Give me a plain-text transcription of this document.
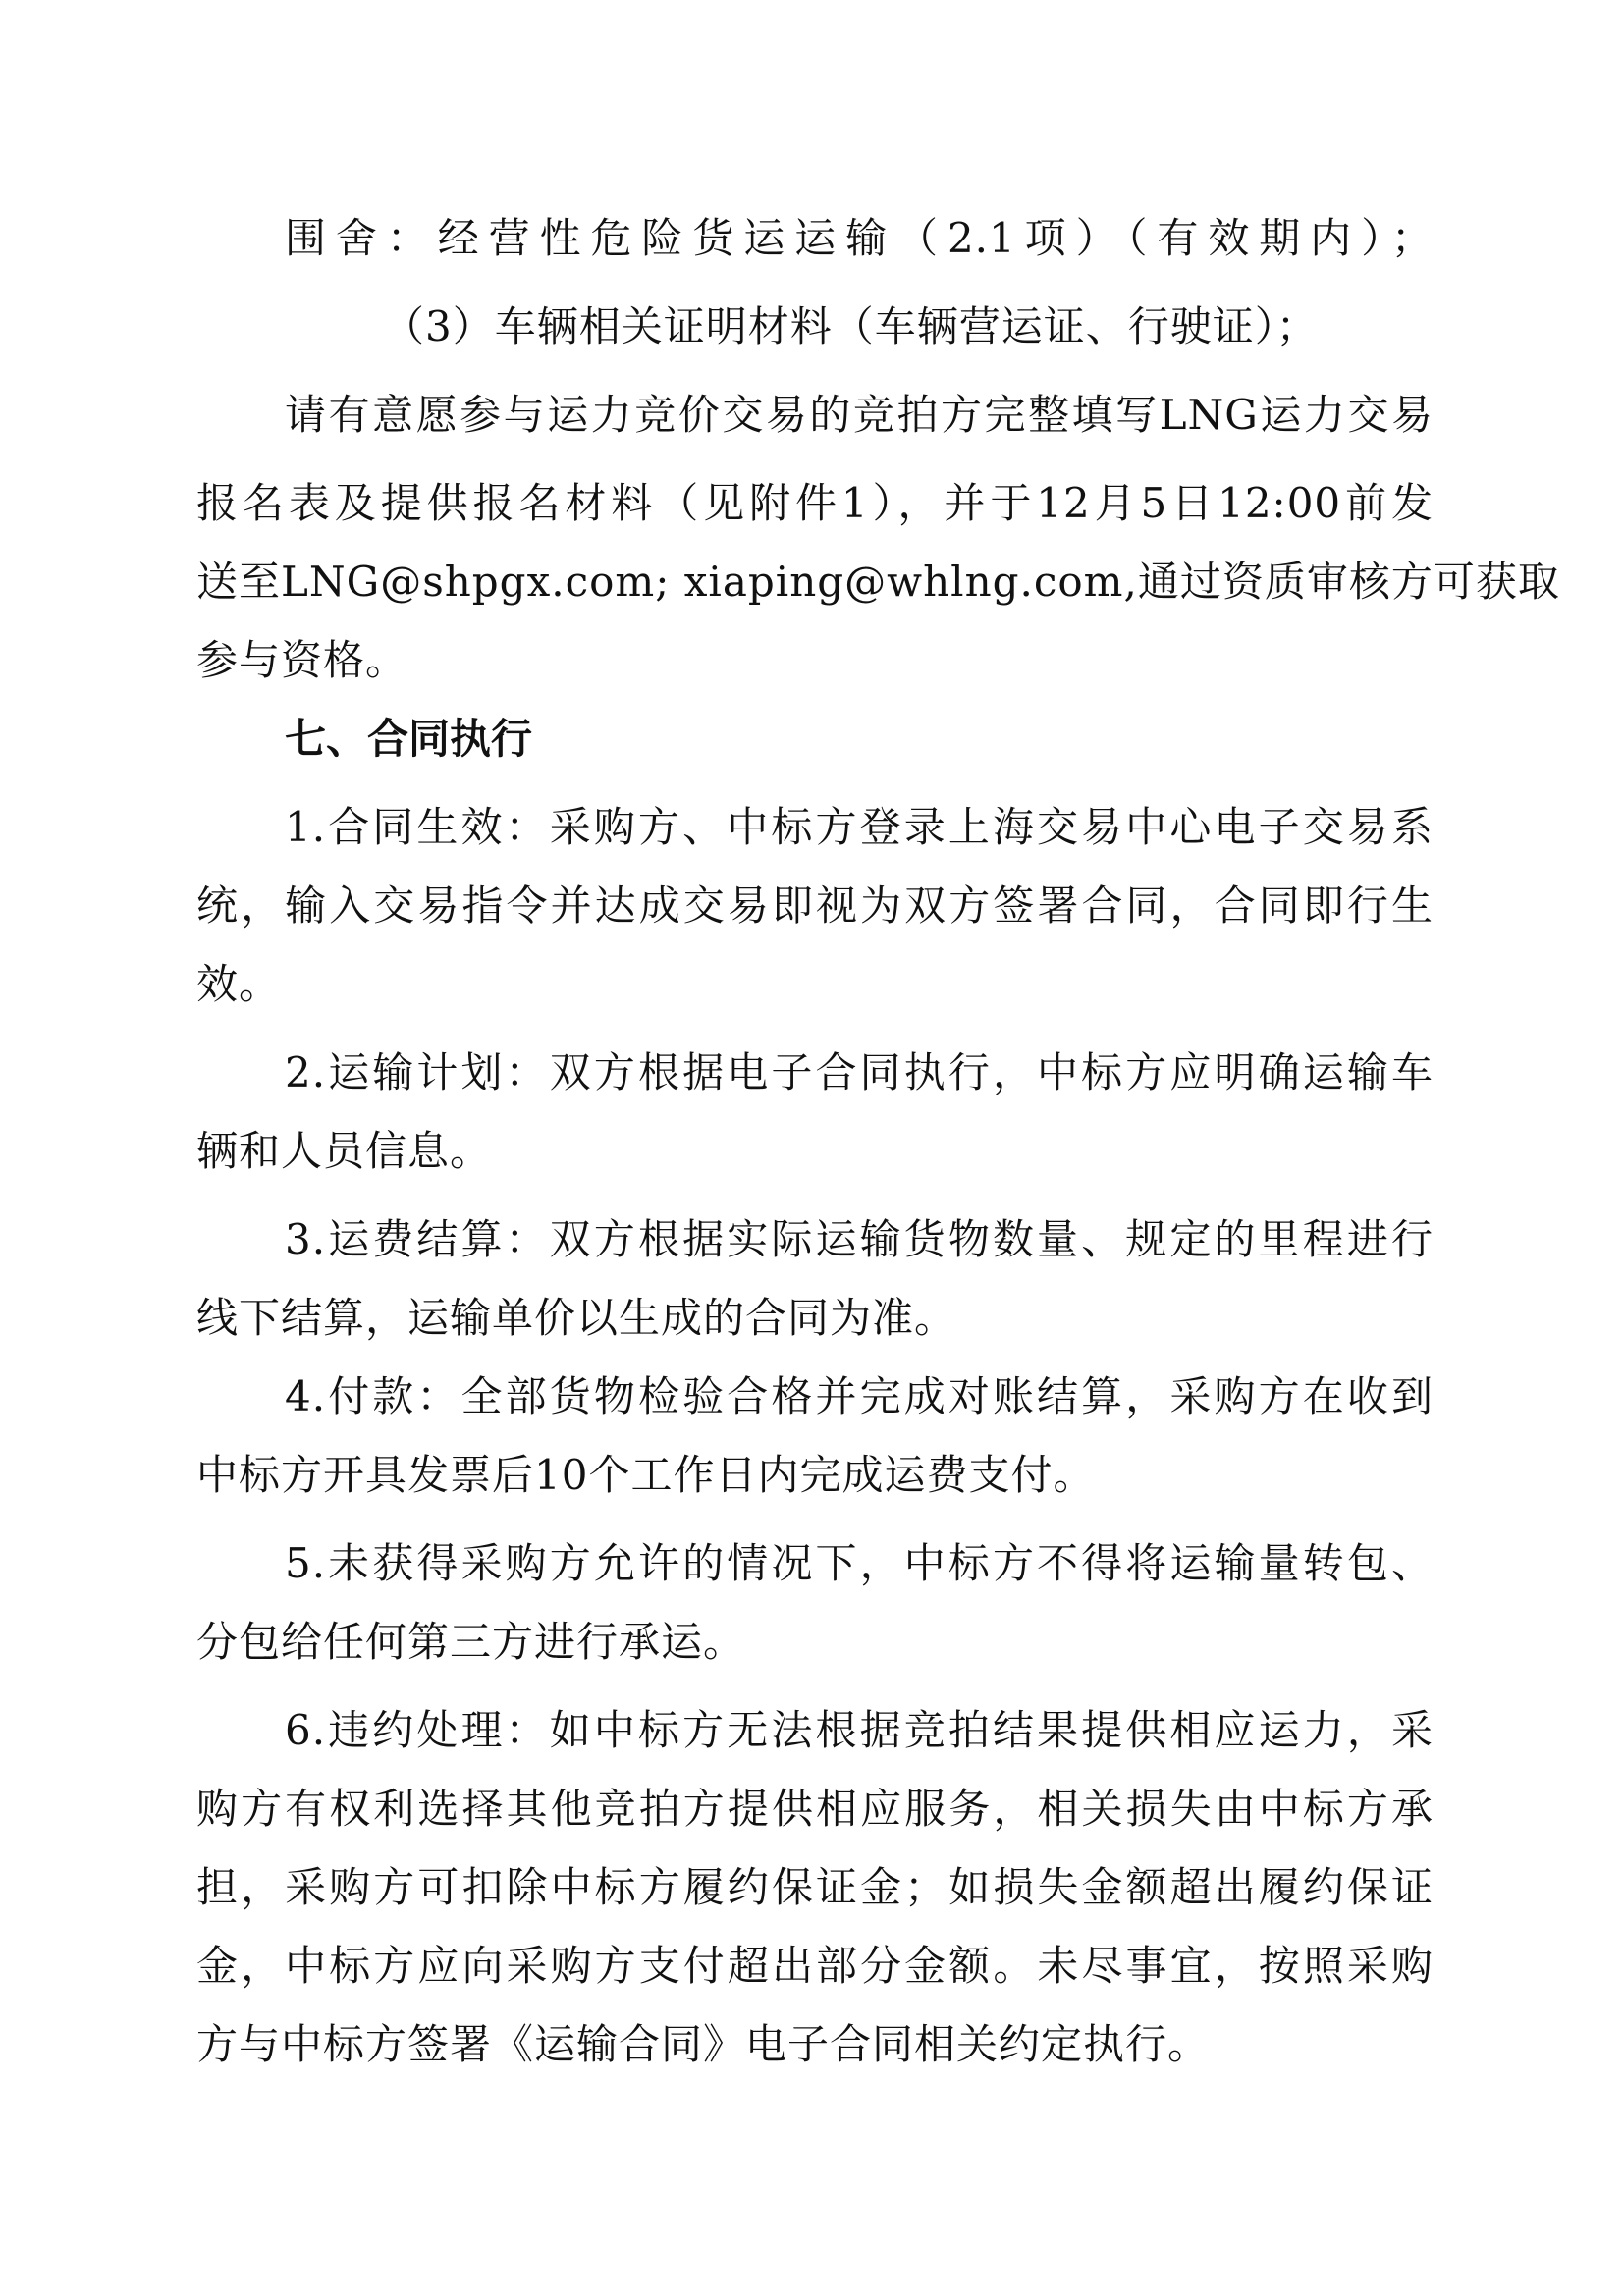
围舍：经营性危险货运运输（2.1项）（有效期内）；
（3）车辆相关证明材料（车辆营运证、行驶证）；
请有意愿参与运力竞价交易的竞拍方完整填写LNG运力交易
报名表及提供报名材料（见附件1），并于12月5日12:00前发
送至LNG@shpgx.com; xiaping@whlng.com,通过资质审核方可获取
参与资格。
七、合同执行
1.合同生效：采购方、中标方登录上海交易中心电子交易系
统，输入交易指令并达成交易即视为双方签署合同，合同即行生
效。
2.运输计划：双方根据电子合同执行，中标方应明确运输车
辆和人员信息。
3.运费结算：双方根据实际运输货物数量、规定的里程进行
线下结算，运输单价以生成的合同为准。
4.付款：全部货物检验合格并完成对账结算，采购方在收到
中标方开具发票后10个工作日内完成运费支付。
5.未获得采购方允许的情况下，中标方不得将运输量转包、
分包给任何第三方进行承运。
6.违约处理：如中标方无法根据竞拍结果提供相应运力，采
购方有权利选择其他竞拍方提供相应服务，相关损失由中标方承
担，采购方可扣除中标方履约保证金；如损失金额超出履约保证
金，中标方应向采购方支付超出部分金额。未尽事宜，按照采购
方与中标方签署《运输合同》电子合同相关约定执行。
